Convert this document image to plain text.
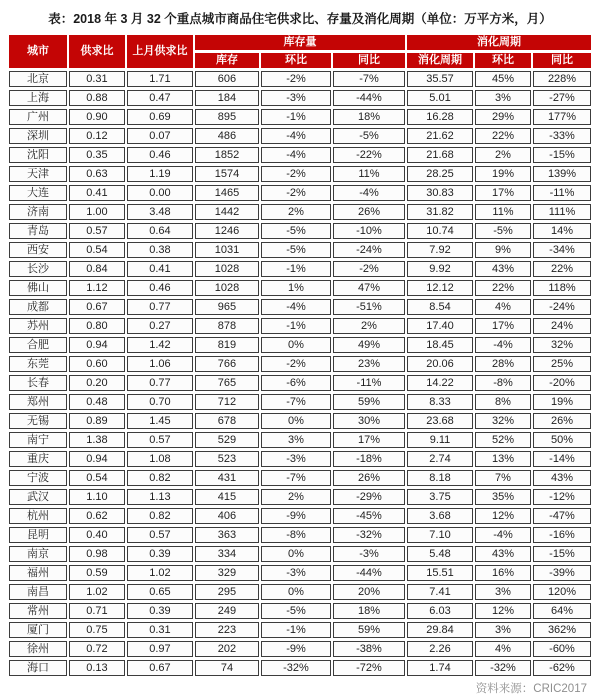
表：2018 年 3 月 32 个重点城市商品住宅供求比、存量及消化周期（单位：万平方米，月）
城市	供求比	上月供求比	库存量			消化周期		
			库存	环比	同比	消化周期	环比	同比
北京	0.31	1.71	606	-2%	-7%	35.57	45%	228%
上海	0.88	0.47	184	-3%	-44%	5.01	3%	-27%
广州	0.90	0.69	895	-1%	18%	16.28	29%	177%
深圳	0.12	0.07	486	-4%	-5%	21.62	22%	-33%
沈阳	0.35	0.46	1852	-4%	-22%	21.68	2%	-15%
天津	0.63	1.19	1574	-2%	11%	28.25	19%	139%
大连	0.41	0.00	1465	-2%	-4%	30.83	17%	-11%
济南	1.00	3.48	1442	2%	26%	31.82	11%	111%
青岛	0.57	0.64	1246	-5%	-10%	10.74	-5%	14%
西安	0.54	0.38	1031	-5%	-24%	7.92	9%	-34%
长沙	0.84	0.41	1028	-1%	-2%	9.92	43%	22%
佛山	1.12	0.46	1028	1%	47%	12.12	22%	118%
成都	0.67	0.77	965	-4%	-51%	8.54	4%	-24%
苏州	0.80	0.27	878	-1%	2%	17.40	17%	24%
合肥	0.94	1.42	819	0%	49%	18.45	-4%	32%
东莞	0.60	1.06	766	-2%	23%	20.06	28%	25%
长春	0.20	0.77	765	-6%	-11%	14.22	-8%	-20%
郑州	0.48	0.70	712	-7%	59%	8.33	8%	19%
无锡	0.89	1.45	678	0%	30%	23.68	32%	26%
南宁	1.38	0.57	529	3%	17%	9.11	52%	50%
重庆	0.94	1.08	523	-3%	-18%	2.74	13%	-14%
宁波	0.54	0.82	431	-7%	26%	8.18	7%	43%
武汉	1.10	1.13	415	2%	-29%	3.75	35%	-12%
杭州	0.62	0.82	406	-9%	-45%	3.68	12%	-47%
昆明	0.40	0.57	363	-8%	-32%	7.10	-4%	-16%
南京	0.98	0.39	334	0%	-3%	5.48	43%	-15%
福州	0.59	1.02	329	-3%	-44%	15.51	16%	-39%
南昌	1.02	0.65	295	0%	20%	7.41	3%	120%
常州	0.71	0.39	249	-5%	18%	6.03	12%	64%
厦门	0.75	0.31	223	-1%	59%	29.84	3%	362%
徐州	0.72	0.97	202	-9%	-38%	2.26	4%	-60%
海口	0.13	0.67	74	-32%	-72%	1.74	-32%	-62%
资料来源：CRIC2017
